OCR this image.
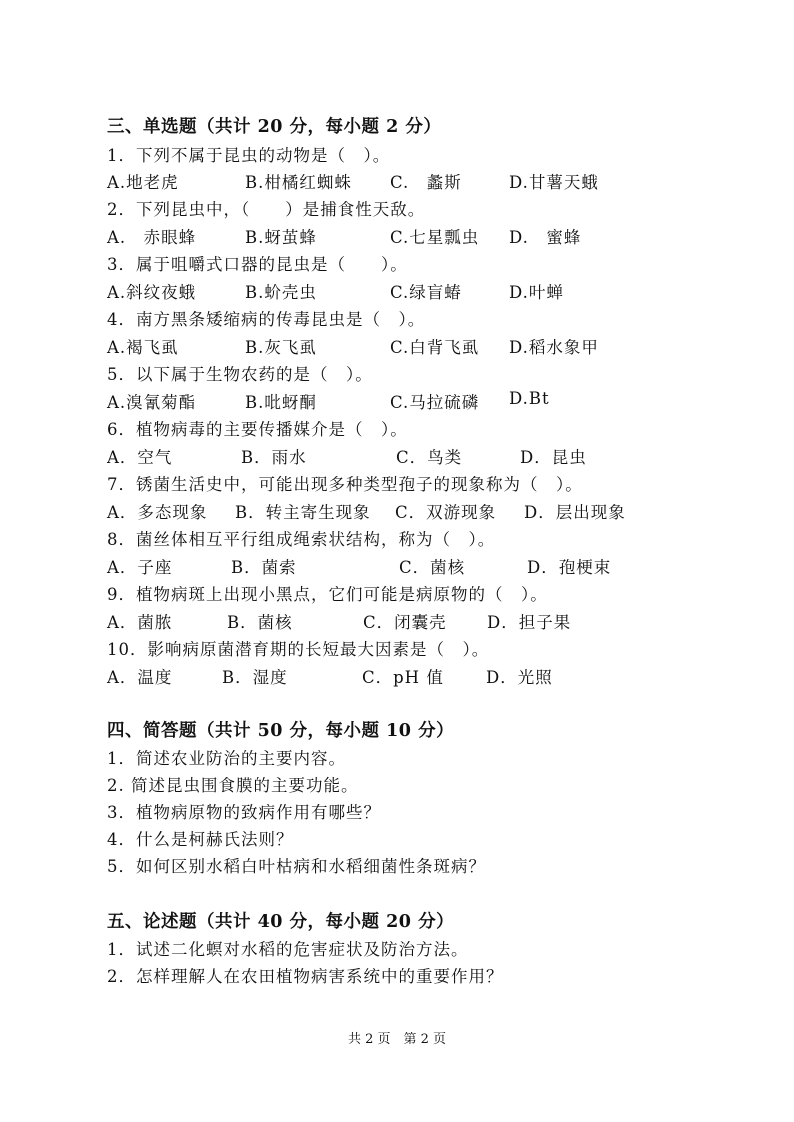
三、单选题（共计 20 分，每小题 2 分）
1．下列不属于昆虫的动物是（　）。
A.地老虎	B.柑橘红蜘蛛 C.　蠡斯	D.甘薯天蛾
2．下列昆虫中，（　　）是捕食性天敌。
A.　赤眼蜂	B.蚜茧蜂	C.七星瓢虫 D.　蜜蜂
3．属于咀嚼式口器的昆虫是（　　）。
A.斜纹夜蛾	B.蚧壳虫	C.绿盲蝽	D.叶蝉
4．南方黑条矮缩病的传毒昆虫是（　）。
A.褐飞虱	B.灰飞虱	C.白背飞虱 D.稻水象甲
5．以下属于生物农药的是（　）。
A.溴氰菊酯	B.吡蚜酮	C.马拉硫磷 D.Bt
6．植物病毒的主要传播媒介是（　）。
A．空气	B．雨水	C．鸟类	D．昆虫
7．锈菌生活史中，可能出现多种类型孢子的现象称为（　）。
A．多态现象 B．转主寄生现象 C．双游现象 D．层出现象
8．菌丝体相互平行组成绳索状结构，称为（　）。
A．子座	B．菌索	C．菌核	D．孢梗束
9．植物病斑上出现小黑点，它们可能是病原物的（　）。
A．菌脓	B．菌核	C．闭囊壳 D．担子果
10．影响病原菌潜育期的长短最大因素是（　）。
A．温度	B．湿度	C．pH 值	D．光照
四、简答题（共计 50 分，每小题 10 分）
1．简述农业防治的主要内容。
2. 简述昆虫围食膜的主要功能。
3．植物病原物的致病作用有哪些？
4．什么是柯赫氏法则？
5．如何区别水稻白叶枯病和水稻细菌性条斑病？
五、论述题（共计 40 分，每小题 20 分）
1．试述二化螟对水稻的危害症状及防治方法。
2．怎样理解人在农田植物病害系统中的重要作用？
共 2 页　第 2 页
